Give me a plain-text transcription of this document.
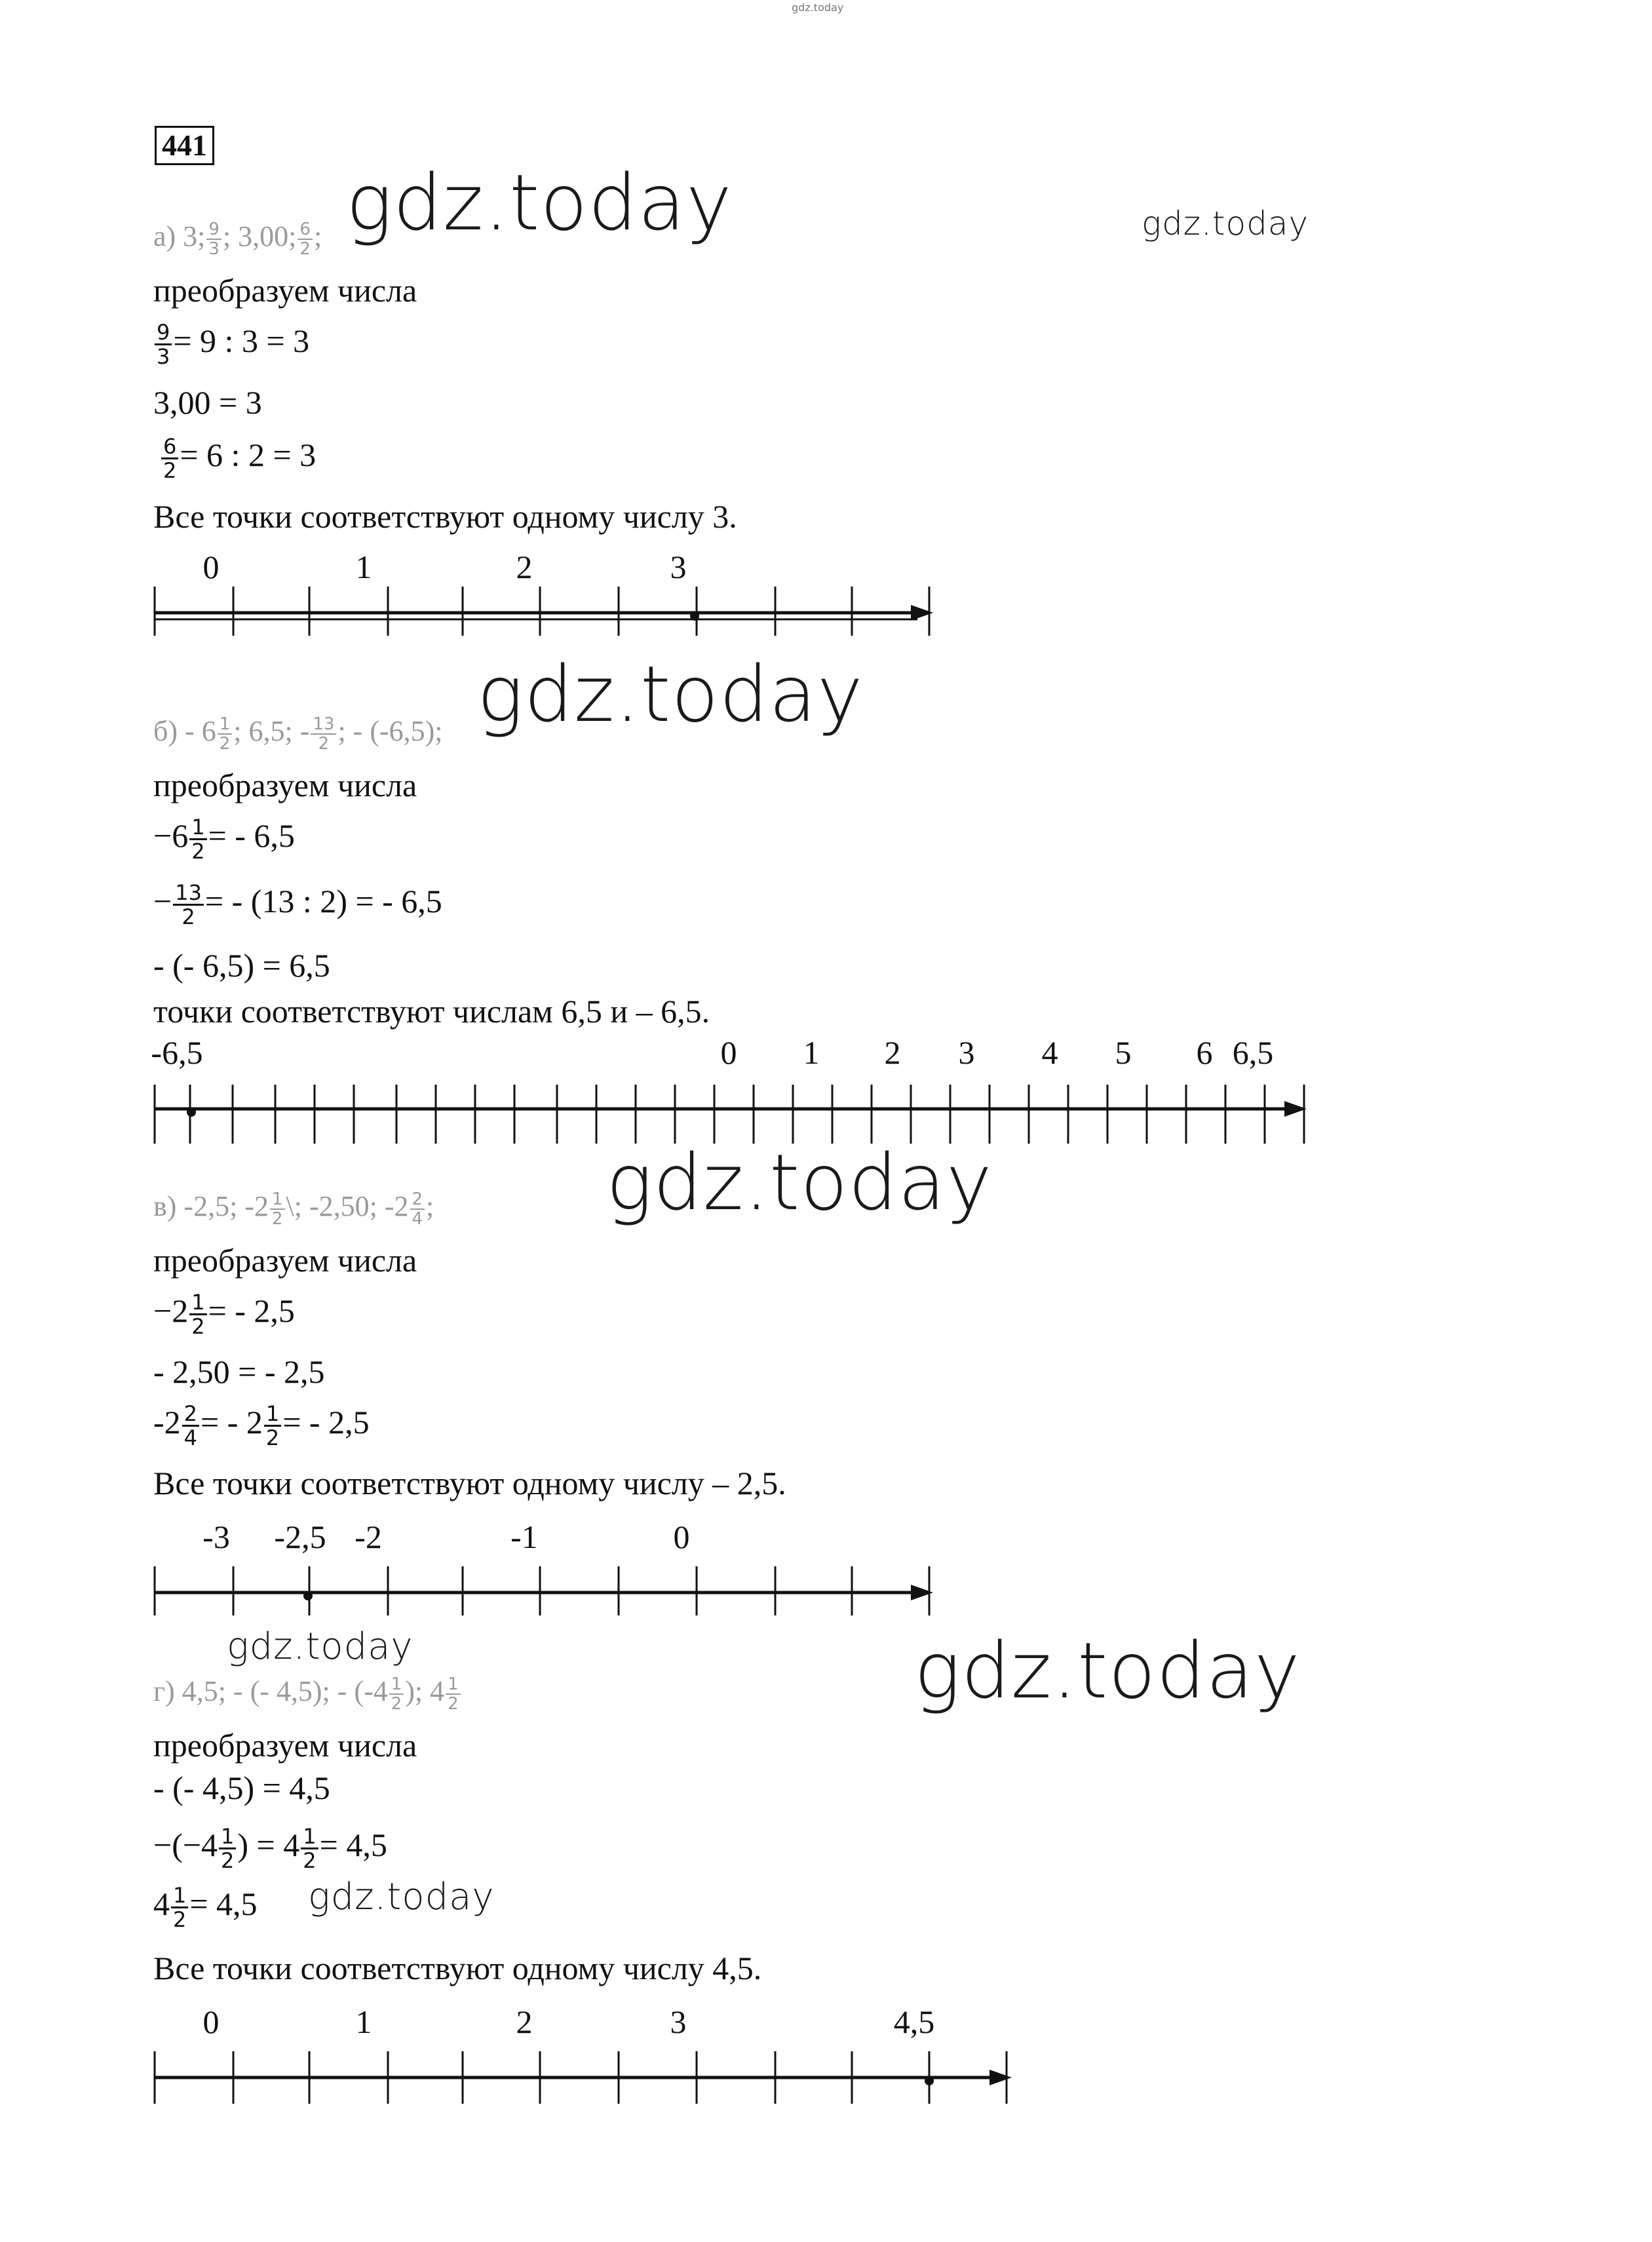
gdz.today
441
а) 3; $\frac{9}{3}$ ; 3,00; $\frac{6}{2}$ ; gdz.today	gdz.today
преобразуем числа
$\frac{9}{3} = 9$ : 3 = 3
3,00 = 3
$\frac{6}{2} = 6$ : 2 = 3
Все точки соответствуют одному числу 3.
0	1	2	3
gdz.today
$б) - 6 \frac{1}{2}$ ; 6,5; - $\frac{13}{2}$ ; - (-6,5);
преобразуем числа
$-6 \frac{1}{2}$ = - 6,5
− $\frac{13}{2}$ = - (13 : 2) = - 6,5
- (- 6,5) = 6,5
точки соответствуют числам 6,5 и – 6,5.
-6,5	0 1 2 3 4 5 6 6,5
gdz.today
в) -2,5; $-2 \frac{1}{2}$ \; -2,50; $-2 \frac{2}{4}$ ;
преобразуем числа
$-2 \frac{1}{2}$ = - 2,5
- 2,50 = - 2,5
$-2 \frac{2}{4}$ = - $2 \frac{1}{2}$ = - 2,5
Все точки соответствуют одному числу – 2,5.
-3 -2,5 -2	-1	0
gdz.today	gdz.today
г) 4,5; - (- 4,5); - ($-4 \frac{1}{2}$ ); $4 \frac{1}{2}$
преобразуем числа
- (- 4,5) = 4,5
$-(-4 \frac{1}{2}$ ) = $4 \frac{1}{2} = 4,5$
$4 \frac{1}{2} = 4,5$ gdz.today
Все точки соответствуют одному числу 4,5.
0	1	2	3	4,5
